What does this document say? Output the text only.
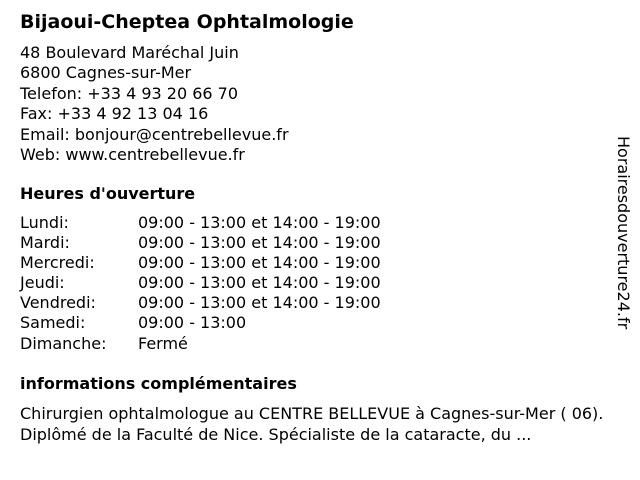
Bijaoui-Cheptea Ophtalmologie
48 Boulevard Maréchal Juin
6800 Cagnes-sur-Mer
Telefon: +33 4 93 20 66 70
Fax: +33 4 92 13 04 16
Email: bonjour@centrebellevue.fr
Web: www.centrebellevue.fr
Heures d'ouverture
Lundi:	09:00 - 13:00 et 14:00 - 19:00
Mardi:	09:00 - 13:00 et 14:00 - 19:00
Mercredi:	09:00 - 13:00 et 14:00 - 19:00
Jeudi:	09:00 - 13:00 et 14:00 - 19:00
Vendredi:	09:00 - 13:00 et 14:00 - 19:00
Samedi:	09:00 - 13:00
Dimanche:	Fermé
informations complémentaires
Chirurgien ophtalmologue au CENTRE BELLEVUE à Cagnes-sur-Mer ( 06). Diplômé de la Faculté de Nice. Spécialiste de la cataracte, du ...
Horairesdouverture24.fr
